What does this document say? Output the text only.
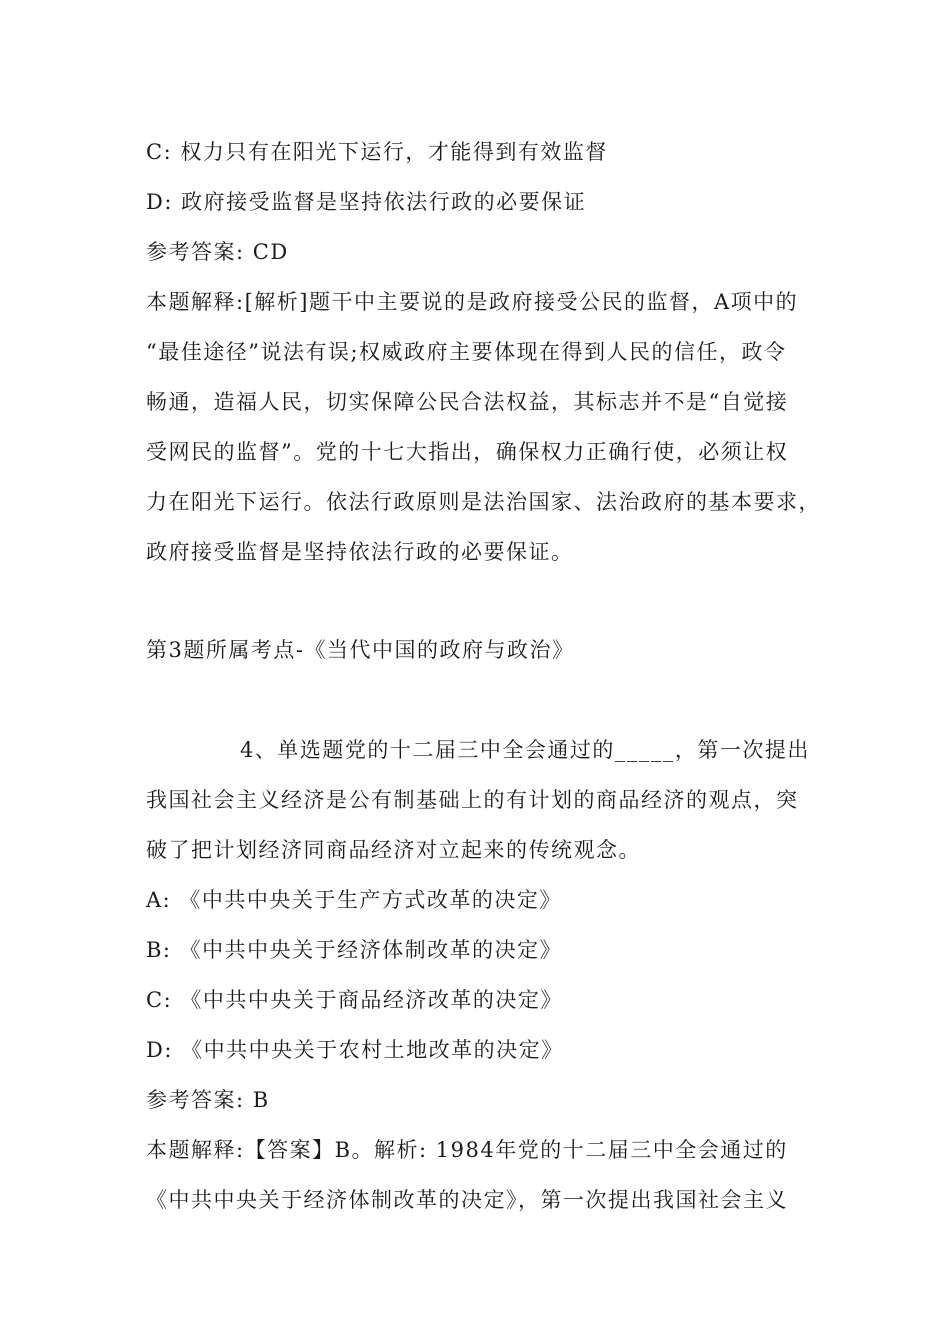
C: 权力只有在阳光下运行，才能得到有效监督
D: 政府接受监督是坚持依法行政的必要保证
参考答案: CD
本题解释:[解析]题干中主要说的是政府接受公民的监督，A项中的
“最佳途径”说法有误;权威政府主要体现在得到人民的信任，政令
畅通，造福人民，切实保障公民合法权益，其标志并不是“自觉接
受网民的监督”。党的十七大指出，确保权力正确行使，必须让权
力在阳光下运行。依法行政原则是法治国家、法治政府的基本要求，
政府接受监督是坚持依法行政的必要保证。
第3题所属考点-《当代中国的政府与政治》
4、单选题党的十二届三中全会通过的_____，第一次提出
我国社会主义经济是公有制基础上的有计划的商品经济的观点，突
破了把计划经济同商品经济对立起来的传统观念。
A: 《中共中央关于生产方式改革的决定》
B: 《中共中央关于经济体制改革的决定》
C: 《中共中央关于商品经济改革的决定》
D: 《中共中央关于农村土地改革的决定》
参考答案: B
本题解释:【答案】B。解析: 1984年党的十二届三中全会通过的
《中共中央关于经济体制改革的决定》，第一次提出我国社会主义
